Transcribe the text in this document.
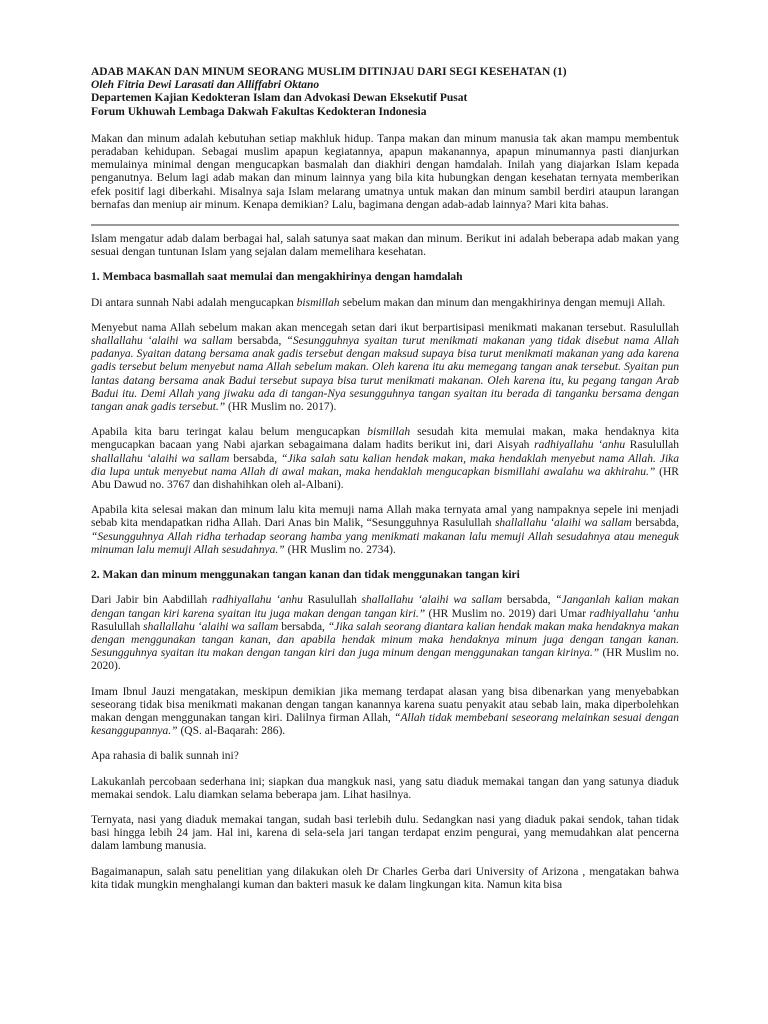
ADAB MAKAN DAN MINUM SEORANG MUSLIM DITINJAU DARI SEGI KESEHATAN (1)

Oleh Fitria Dewi Larasati dan Alliffabri Oktano

Departemen Kajian Kedokteran Islam dan Advokasi Dewan Eksekutif Pusat

Forum Ukhuwah Lembaga Dakwah Fakultas Kedokteran Indonesia

Makan dan minum adalah kebutuhan setiap makhluk hidup. Tanpa makan dan minum manusia tak akan mampu membentuk peradaban kehidupan. Sebagai muslim apapun kegiatannya, apapun makanannya, apapun minumannya pasti dianjurkan memulainya minimal dengan mengucapkan basmalah dan diakhiri dengan hamdalah. Inilah yang diajarkan Islam kepada penganutnya. Belum lagi adab makan dan minum lainnya yang bila kita hubungkan dengan kesehatan ternyata memberikan efek positif lagi diberkahi. Misalnya saja Islam melarang umatnya untuk makan dan minum sambil berdiri ataupun larangan bernafas dan meniup air minum. Kenapa demikian? Lalu, bagimana dengan adab-adab lainnya? Mari kita bahas.

Islam mengatur adab dalam berbagai hal, salah satunya saat makan dan minum. Berikut ini adalah beberapa adab makan yang sesuai dengan tuntunan Islam yang sejalan dalam memelihara kesehatan.

1. Membaca basmallah saat memulai dan mengakhirinya dengan hamdalah

Di antara sunnah Nabi adalah mengucapkan bismillah sebelum makan dan minum dan mengakhirinya dengan memuji Allah.

Menyebut nama Allah sebelum makan akan mencegah setan dari ikut berpartisipasi menikmati makanan tersebut. Rasulullah shallallahu ‘alaihi wa sallam bersabda, “Sesungguhnya syaitan turut menikmati makanan yang tidak disebut nama Allah padanya. Syaitan datang bersama anak gadis tersebut dengan maksud supaya bisa turut menikmati makanan yang ada karena gadis tersebut belum menyebut nama Allah sebelum makan. Oleh karena itu aku memegang tangan anak tersebut. Syaitan pun lantas datang bersama anak Badui tersebut supaya bisa turut menikmati makanan. Oleh karena itu, ku pegang tangan Arab Badui itu. Demi Allah yang jiwaku ada di tangan-Nya sesungguhnya tangan syaitan itu berada di tanganku bersama dengan tangan anak gadis tersebut.” (HR Muslim no. 2017).

Apabila kita baru teringat kalau belum mengucapkan bismillah sesudah kita memulai makan, maka hendaknya kita mengucapkan bacaan yang Nabi ajarkan sebagaimana dalam hadits berikut ini, dari Aisyah radhiyallahu ‘anhu Rasulullah shallallahu ‘alaihi wa sallam bersabda, “Jika salah satu kalian hendak makan, maka hendaklah menyebut nama Allah. Jika dia lupa untuk menyebut nama Allah di awal makan, maka hendaklah mengucapkan bismillahi awalahu wa akhirahu.” (HR Abu Dawud no. 3767 dan dishahihkan oleh al-Albani).

Apabila kita selesai makan dan minum lalu kita memuji nama Allah maka ternyata amal yang nampaknya sepele ini menjadi sebab kita mendapatkan ridha Allah. Dari Anas bin Malik, “Sesungguhnya Rasulullah shallallahu ‘alaihi wa sallam bersabda, “Sesungguhnya Allah ridha terhadap seorang hamba yang menikmati makanan lalu memuji Allah sesudahnya atau meneguk minuman lalu memuji Allah sesudahnya.” (HR Muslim no. 2734).

2. Makan dan minum menggunakan tangan kanan dan tidak menggunakan tangan kiri

Dari Jabir bin Aabdillah radhiyallahu ‘anhu Rasulullah shallallahu ‘alaihi wa sallam bersabda, “Janganlah kalian makan dengan tangan kiri karena syaitan itu juga makan dengan tangan kiri.” (HR Muslim no. 2019) dari Umar radhiyallahu ‘anhu Rasulullah shallallahu ‘alaihi wa sallam bersabda, “Jika salah seorang diantara kalian hendak makan maka hendaknya makan dengan menggunakan tangan kanan, dan apabila hendak minum maka hendaknya minum juga dengan tangan kanan. Sesungguhnya syaitan itu makan dengan tangan kiri dan juga minum dengan menggunakan tangan kirinya.” (HR Muslim no. 2020).

Imam Ibnul Jauzi mengatakan, meskipun demikian jika memang terdapat alasan yang bisa dibenarkan yang menyebabkan seseorang tidak bisa menikmati makanan dengan tangan kanannya karena suatu penyakit atau sebab lain, maka diperbolehkan makan dengan menggunakan tangan kiri. Dalilnya firman Allah, “Allah tidak membebani seseorang melainkan sesuai dengan kesanggupannya.” (QS. al-Baqarah: 286).

Apa rahasia di balik sunnah ini?

Lakukanlah percobaan sederhana ini; siapkan dua mangkuk nasi, yang satu diaduk memakai tangan dan yang satunya diaduk memakai sendok. Lalu diamkan selama beberapa jam. Lihat hasilnya.

Ternyata, nasi yang diaduk memakai tangan, sudah basi terlebih dulu. Sedangkan nasi yang diaduk pakai sendok, tahan tidak basi hingga lebih 24 jam. Hal ini, karena di sela-sela jari tangan terdapat enzim pengurai, yang memudahkan alat pencerna dalam lambung manusia.

Bagaimanapun, salah satu penelitian yang dilakukan oleh Dr Charles Gerba dari University of Arizona , mengatakan bahwa kita tidak mungkin menghalangi kuman dan bakteri masuk ke dalam lingkungan kita. Namun kita bisa
